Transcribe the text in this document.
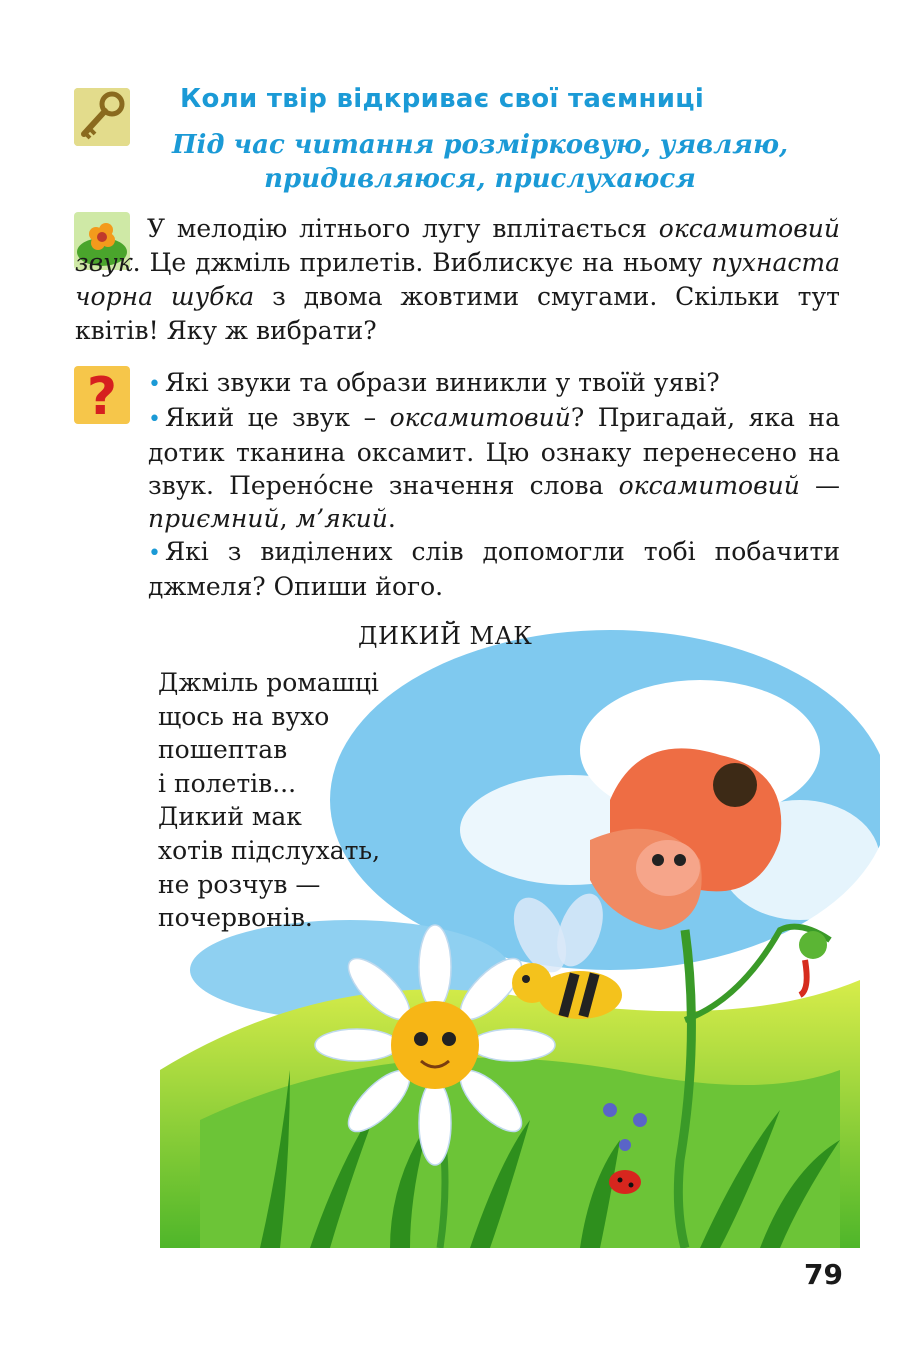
?
Коли твір відкриває свої таємниці
Під час читання розмірковую, уявляю,
придивляюся, прислухаюся
У мелодію літнього лугу вплітається оксамитовий звук. Це джміль прилетів. Виблискує на ньому пухнаста чорна шубка з двома жовтими смугами. Скільки тут квітів! Яку ж вибрати?
• Які звуки та образи виникли у твоїй уяві?
• Який це звук – оксамитовий? Пригадай, яка на дотик тканина оксамит. Цю ознаку перенесено на звук. Перено́сне значення слова оксамитовий — приємний, м’який.
• Які з виділених слів допомогли тобі побачити джмеля? Опиши його.
ДИКИЙ МАК
Джміль ромашці
щось на вухо
пошептав
і полетів...
Дикий мак
хотів підслухать,
не розчув —
почервонів.
79
